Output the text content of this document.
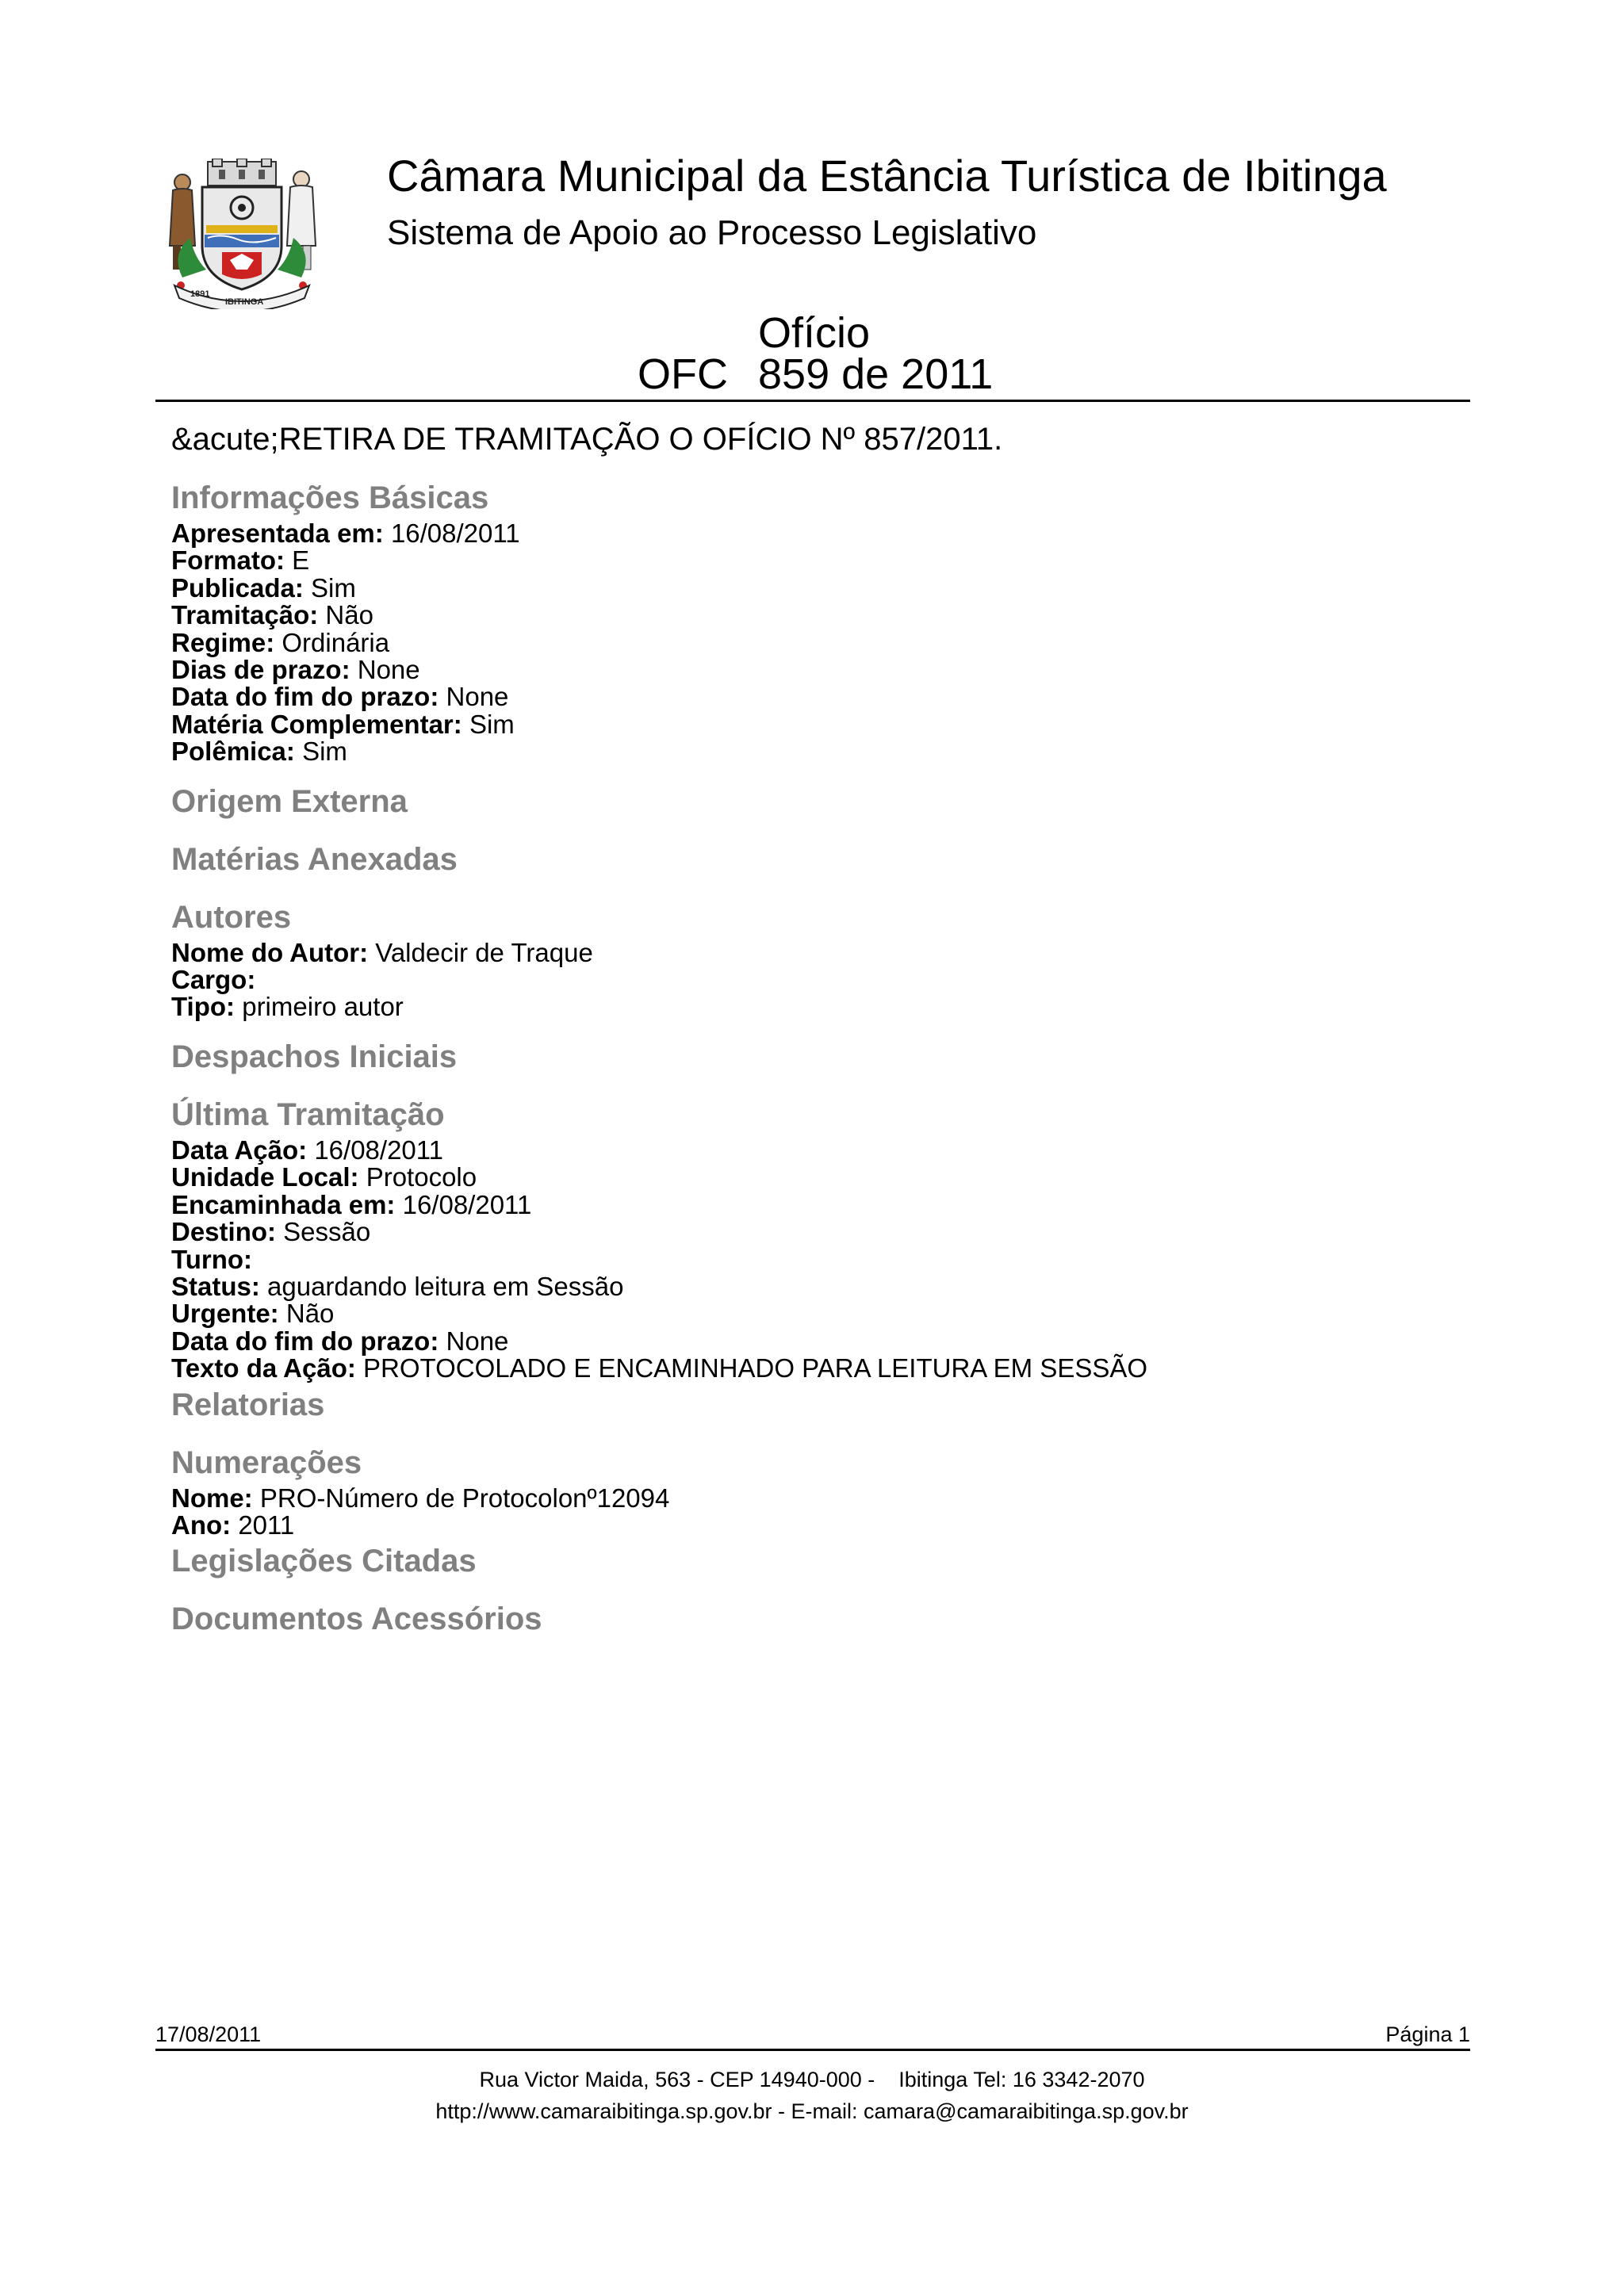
1891
IBITINGA
Câmara Municipal da Estância Turística de Ibitinga
Sistema de Apoio ao Processo Legislativo
Ofício
OFC 859 de 2011
&acute;RETIRA DE TRAMITAÇÃO O OFÍCIO Nº 857/2011.
Informações Básicas
Apresentada em: 16/08/2011
Formato: E
Publicada: Sim
Tramitação: Não
Regime: Ordinária
Dias de prazo: None
Data do fim do prazo: None
Matéria Complementar: Sim
Polêmica: Sim
Origem Externa
Matérias Anexadas
Autores
Nome do Autor: Valdecir de Traque
Cargo:
Tipo: primeiro autor
Despachos Iniciais
Última Tramitação
Data Ação: 16/08/2011
Unidade Local: Protocolo
Encaminhada em: 16/08/2011
Destino: Sessão
Turno:
Status: aguardando leitura em Sessão
Urgente: Não
Data do fim do prazo: None
Texto da Ação: PROTOCOLADO E ENCAMINHADO PARA LEITURA EM SESSÃO
Relatorias
Numerações
Nome: PRO-Número de Protocolonº12094
Ano: 2011
Legislações Citadas
Documentos Acessórios
17/08/2011	Página 1
Rua Victor Maida, 563 - CEP 14940-000 -    Ibitinga Tel: 16 3342-2070
http://www.camaraibitinga.sp.gov.br - E-mail: camara@camaraibitinga.sp.gov.br
